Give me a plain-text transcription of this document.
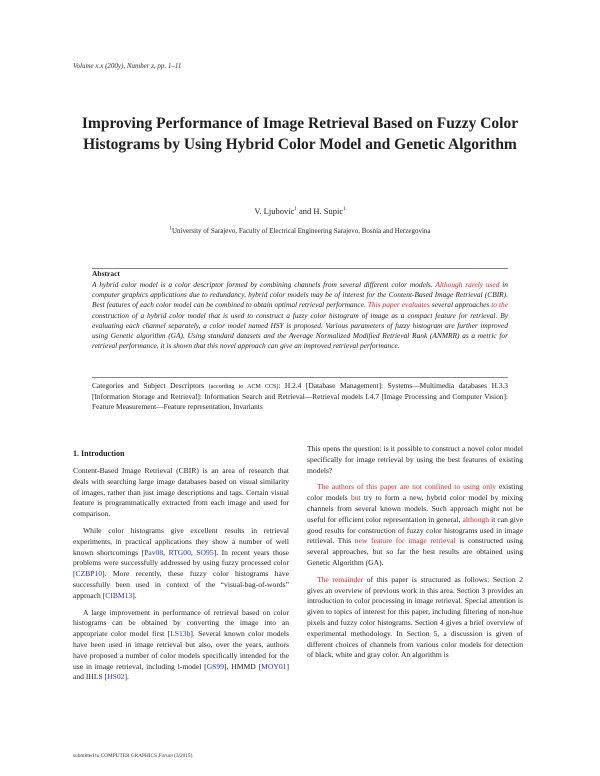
Volume x.x (200y), Number z, pp. 1–11
Improving Performance of Image Retrieval Based on Fuzzy Color Histograms by Using Hybrid Color Model and Genetic Algorithm
V. Ljubovic$^1$ and H. Supic$^1$
$^1$University of Sarajevo, Faculty of Electrical Engineering Sarajevo, Bosnia and Herzegovina
Abstract
A hybrid color model is a color descriptor formed by combining channels from several different color models. Although rarely used in computer graphics applications due to redundancy, hybrid color models may be of interest for the Content-Based Image Retrieval (CBIR). Best features of each color model can be combined to obtain optimal retrieval performance. This paper evaluates several approaches to the construction of a hybrid color model that is used to construct a fuzzy color histogram of image as a compact feature for retrieval. By evaluating each channel separately, a color model named HSY is proposed. Various parameters of fuzzy histogram are further improved using Genetic algorithm (GA). Using standard datasets and the Average Normalized Modified Retrieval Rank (ANMRR) as a metric for retrieval performance, it is shown that this novel approach can give an improved retrieval performance.
Categories and Subject Descriptors (according to ACM CCS): H.2.4 [Database Management]: Systems—Multimedia databases H.3.3 [Information Storage and Retrieval]: Information Search and Retrieval—Retrieval models I.4.7 [Image Processing and Computer Vision]: Feature Measurement—Feature representation, Invariants
1. Introduction

Content-Based Image Retrieval (CBIR) is an area of research that deals with searching large image databases based on visual similarity of images, rather than just image descriptions and tags. Certain visual feature is programmatically extracted from each image and used for comparison.

While color histograms give excellent results in retrieval experiments, in practical applications they show a number of well known shortcomings [Pav08, RTG00, SO95]. In recent years those problems were successfully addressed by using fuzzy processed color [CZBP10]. More recently, these fuzzy color histograms have successfully been used in context of the “visual-bag-of-words” approach [CIBM13].

A large improvement in performance of retrieval based on color histograms can be obtained by converting the image into an appropriate color model first [LS13b]. Several known color models have been used in image retrieval but also, over the years, authors have proposed a number of color models specifically intended for the use in image retrieval, including l-model [GS99], HMMD [MOY01] and IHLS [HS02].

This opens the question: is it possible to construct a novel color model specifically for image retrieval by using the best features of existing models?

The authors of this paper are not confined to using only existing color models but try to form a new, hybrid color model by mixing channels from several known models. Such approach might not be useful for efficient color representation in general, although it can give good results for construction of fuzzy color histograms used in image retrieval. This new feature for image retrieval is constructed using several approaches, but so far the best results are obtained using Genetic Algorithm (GA).

The remainder of this paper is structured as follows: Section 2 gives an overview of previous work in this area. Section 3 provides an introduction to color processing in image retrieval. Special attention is given to topics of interest for this paper, including filtering of non-hue pixels and fuzzy color histograms. Section 4 gives a brief overview of experimental methodology. In Section 5, a discussion is given of different choices of channels from various color models for detection of black, white and gray color. An algorithm is

submitted to COMPUTER GRAPHICS Forum (3/2015).
